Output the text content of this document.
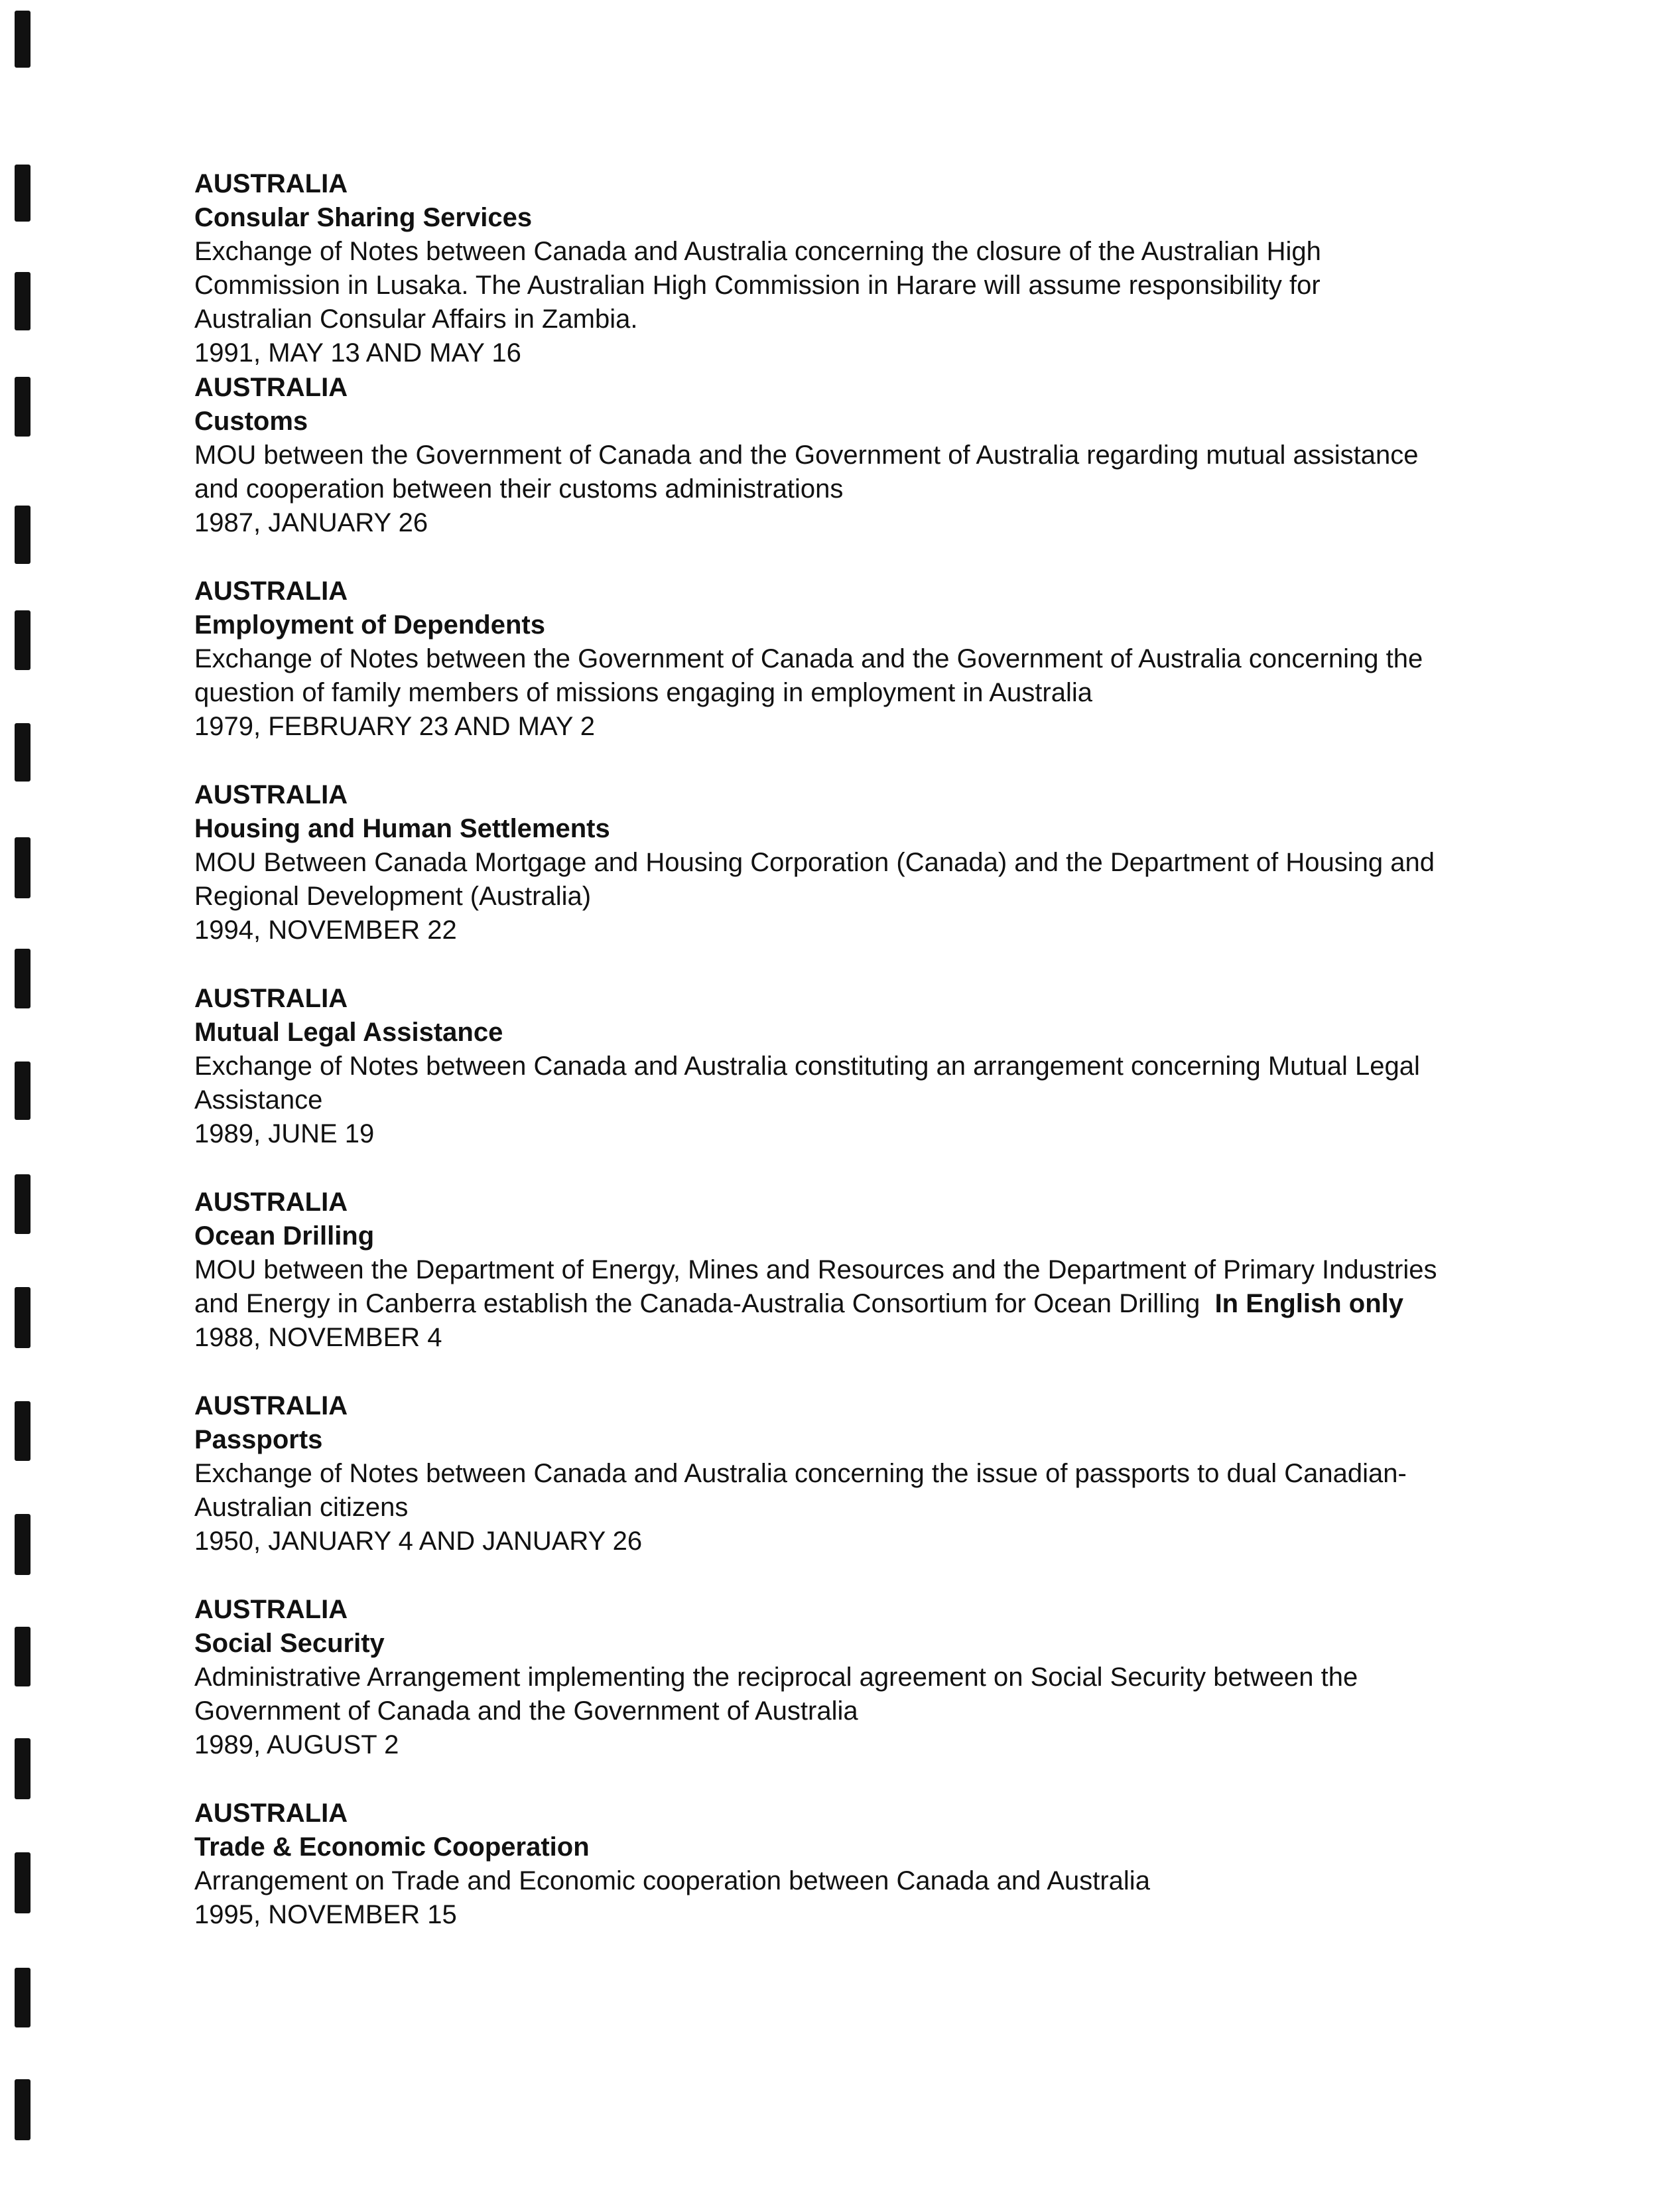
AUSTRALIA
Consular Sharing Services
Exchange of Notes between Canada and Australia concerning the closure of the Australian High
Commission in Lusaka. The Australian High Commission in Harare will assume responsibility for
Australian Consular Affairs in Zambia.
1991, MAY 13 AND MAY 16
AUSTRALIA
Customs
MOU between the Government of Canada and the Government of Australia regarding mutual assistance
and cooperation between their customs administrations
1987, JANUARY 26
AUSTRALIA
Employment of Dependents
Exchange of Notes between the Government of Canada and the Government of Australia concerning the
question of family members of missions engaging in employment in Australia
1979, FEBRUARY 23 AND MAY 2
AUSTRALIA
Housing and Human Settlements
MOU Between Canada Mortgage and Housing Corporation (Canada) and the Department of Housing and
Regional Development (Australia)
1994, NOVEMBER 22
AUSTRALIA
Mutual Legal Assistance
Exchange of Notes between Canada and Australia constituting an arrangement concerning Mutual Legal
Assistance
1989, JUNE 19
AUSTRALIA
Ocean Drilling
MOU between the Department of Energy, Mines and Resources and the Department of Primary Industries
and Energy in Canberra establish the Canada-Australia Consortium for Ocean Drilling In English only
1988, NOVEMBER 4
AUSTRALIA
Passports
Exchange of Notes between Canada and Australia concerning the issue of passports to dual Canadian-
Australian citizens
1950, JANUARY 4 AND JANUARY 26
AUSTRALIA
Social Security
Administrative Arrangement implementing the reciprocal agreement on Social Security between the
Government of Canada and the Government of Australia
1989, AUGUST 2
AUSTRALIA
Trade & Economic Cooperation
Arrangement on Trade and Economic cooperation between Canada and Australia
1995, NOVEMBER 15
